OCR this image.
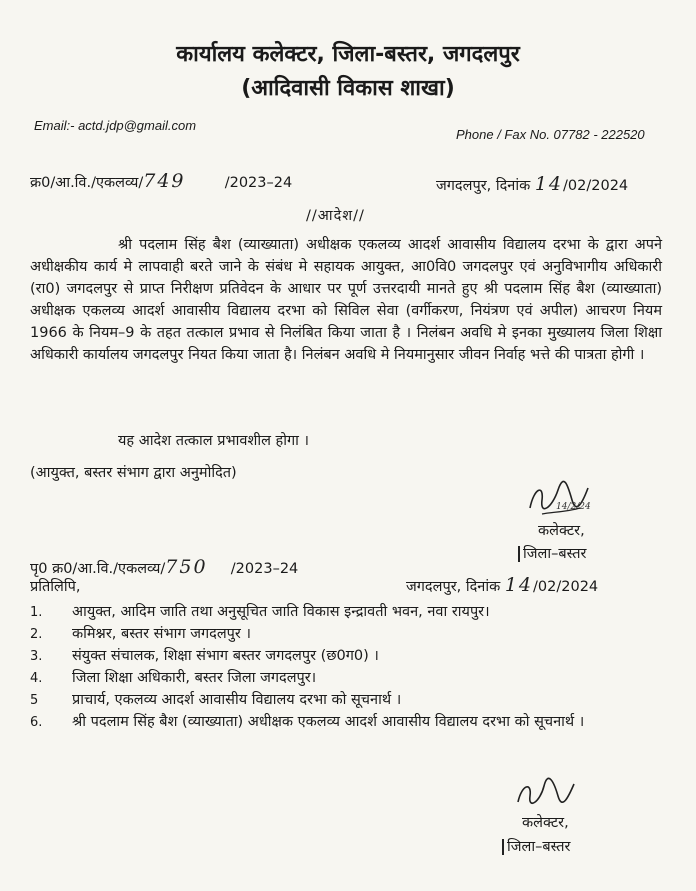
कार्यालय कलेक्टर, जिला-बस्तर, जगदलपुर
(आदिवासी विकास शाखा)
Email:- actd.jdp@gmail.com
Phone / Fax No. 07782 - 222520
क्र0/आ.वि./एकलव्य/749	/2023–24	जगदलपुर, दिनांक 14/02/2024
//आदेश//
श्री पदलाम सिंह बैश (व्याख्याता) अधीक्षक एकलव्य आदर्श आवासीय विद्यालय दरभा के द्वारा अपने अधीक्षकीय कार्य मे लापवाही बरते जाने के संबंध मे सहायक आयुक्त, आ0वि0 जगदलपुर एवं अनुविभागीय अधिकारी (रा0) जगदलपुर से प्राप्त निरीक्षण प्रतिवेदन के आधार पर पूर्ण उत्तरदायी मानते हुए श्री पदलाम सिंह बैश (व्याख्याता) अधीक्षक एकलव्य आदर्श आवासीय विद्यालय दरभा को सिविल सेवा (वर्गीकरण, नियंत्रण एवं अपील) आचरण नियम 1966 के नियम–9 के तहत तत्काल प्रभाव से निलंबित किया जाता है । निलंबन अवधि मे इनका मुख्यालय जिला शिक्षा अधिकारी कार्यालय जगदलपुर नियत किया जाता है। निलंबन अवधि मे नियमानुसार जीवन निर्वाह भत्ते की पात्रता होगी ।
यह आदेश तत्काल प्रभावशील होगा ।
(आयुक्त, बस्तर संभाग द्वारा अनुमोदित)
14/2/24
कलेक्टर,
जिला–बस्तर
पृ0 क्र0/आ.वि./एकलव्य/750 /2023–24
जगदलपुर, दिनांक 14/02/2024
प्रतिलिपि,
1. आयुक्त, आदिम जाति तथा अनुसूचित जाति विकास इन्द्रावती भवन, नवा रायपुर।
2. कमिश्नर, बस्तर संभाग जगदलपुर ।
3. संयुक्त संचालक, शिक्षा संभाग बस्तर जगदलपुर (छ0ग0) ।
4. जिला शिक्षा अधिकारी, बस्तर जिला जगदलपुर।
5 प्राचार्य, एकलव्य आदर्श आवासीय विद्यालय दरभा को सूचनार्थ ।
6. श्री पदलाम सिंह बैश (व्याख्याता) अधीक्षक एकलव्य आदर्श आवासीय विद्यालय दरभा को सूचनार्थ ।
कलेक्टर,
जिला–बस्तर
